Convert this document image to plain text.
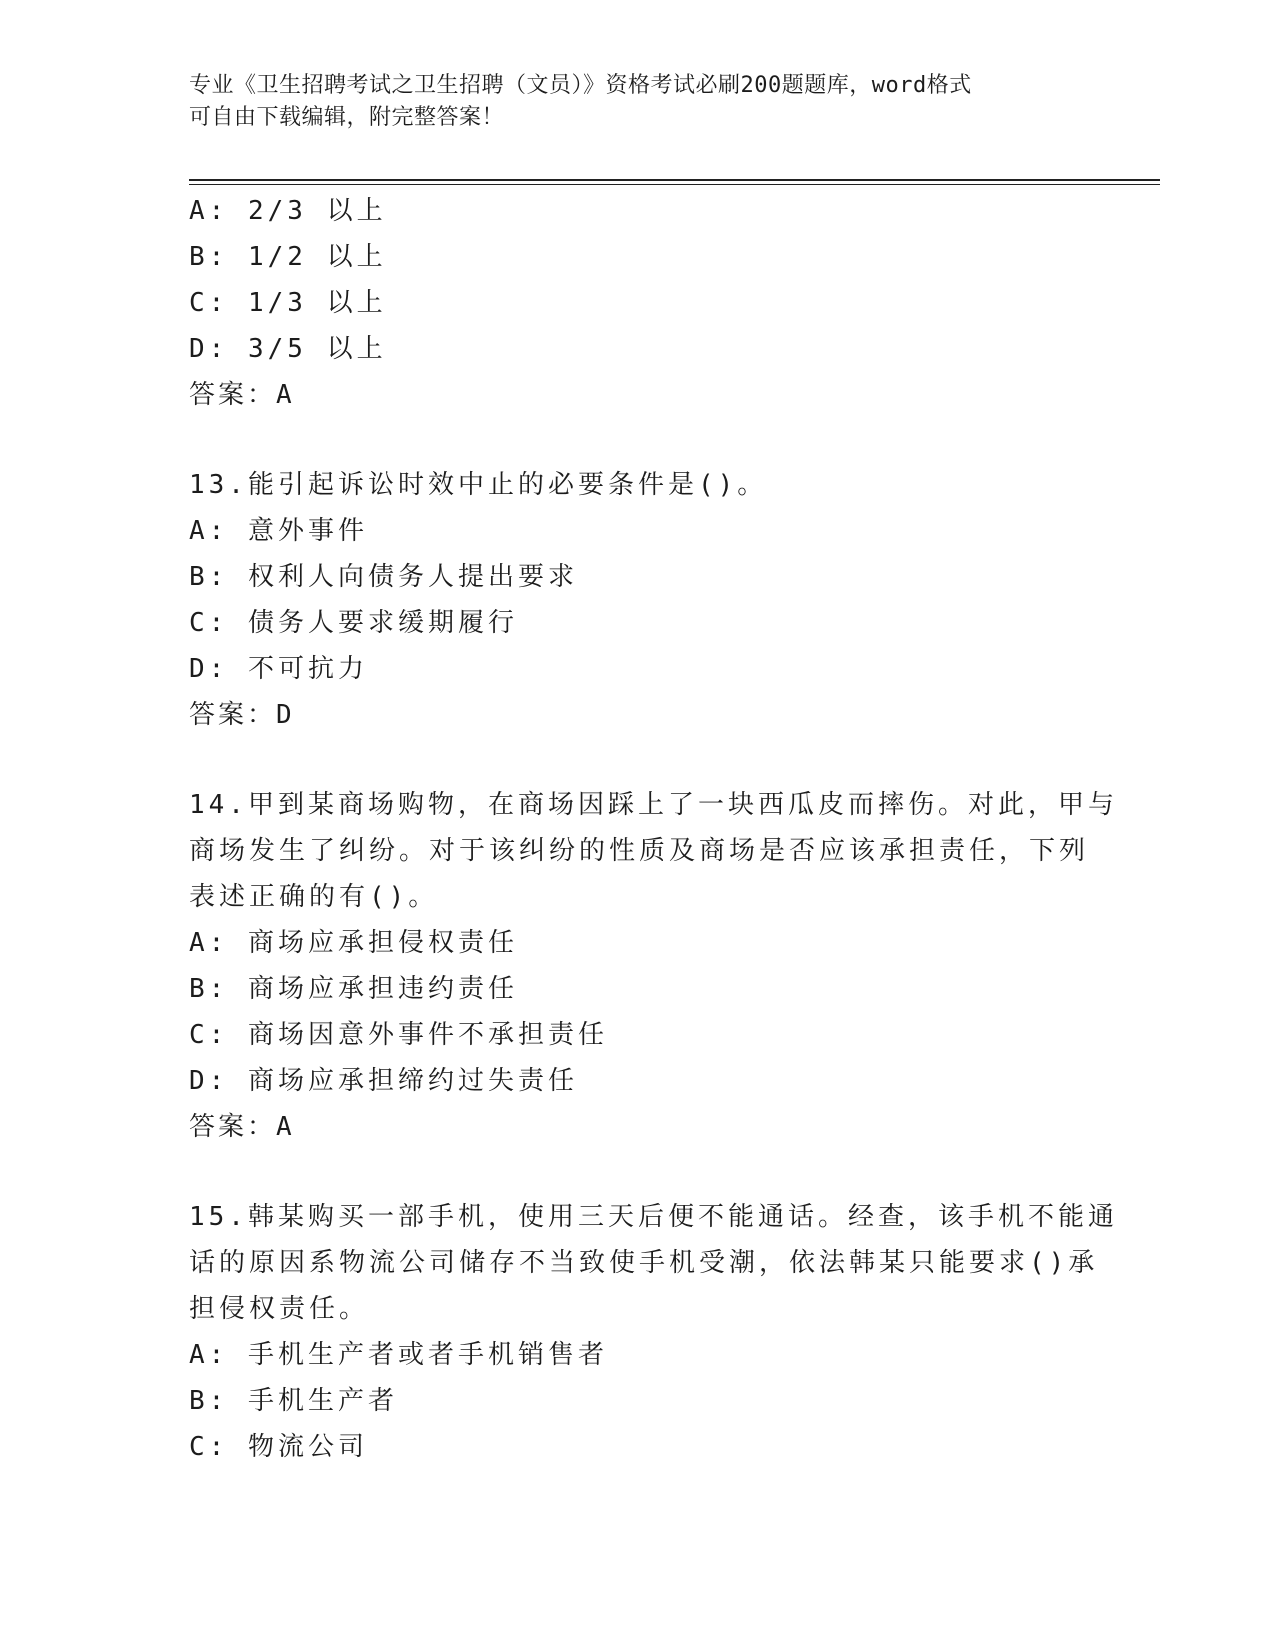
专业《卫生招聘考试之卫生招聘（文员）》资格考试必刷200题题库，word格式
可自由下载编辑，附完整答案！
A: 2/3 以上
B: 1/2 以上
C: 1/3 以上
D: 3/5 以上
答案：A
13.能引起诉讼时效中止的必要条件是()。
A: 意外事件
B: 权利人向债务人提出要求
C: 债务人要求缓期履行
D: 不可抗力
答案：D
14.甲到某商场购物，在商场因踩上了一块西瓜皮而摔伤。对此，甲与
商场发生了纠纷。对于该纠纷的性质及商场是否应该承担责任，下列
表述正确的有()。
A: 商场应承担侵权责任
B: 商场应承担违约责任
C: 商场因意外事件不承担责任
D: 商场应承担缔约过失责任
答案：A
15.韩某购买一部手机，使用三天后便不能通话。经查，该手机不能通
话的原因系物流公司储存不当致使手机受潮，依法韩某只能要求()承
担侵权责任。
A: 手机生产者或者手机销售者
B: 手机生产者
C: 物流公司
